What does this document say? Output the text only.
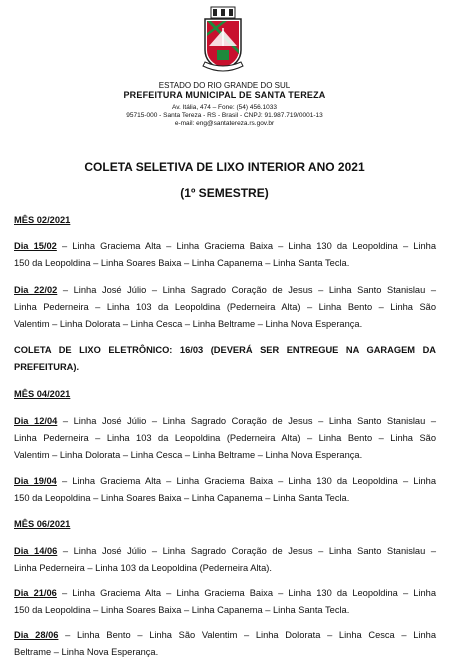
ESTADO DO RIO GRANDE DO SUL
PREFEITURA MUNICIPAL DE SANTA TEREZA
Av. Itália, 474 – Fone: (54) 456.1033
95715-000 - Santa Tereza - RS - Brasil - CNPJ: 91.987.719/0001-13
e-mail: eng@santatereza.rs.gov.br
COLETA SELETIVA DE LIXO INTERIOR ANO 2021
(1º SEMESTRE)
MÊS 02/2021
Dia 15/02 – Linha Graciema Alta – Linha Graciema Baixa – Linha 130 da Leopoldina – Linha
150 da Leopoldina – Linha Soares Baixa – Linha Capanema – Linha Santa Tecla.
Dia 22/02 – Linha José Júlio – Linha Sagrado Coração de Jesus – Linha Santo Stanislau –
Linha Pederneira – Linha 103 da Leopoldina (Pederneira Alta) – Linha Bento – Linha São
Valentim – Linha Dolorata – Linha Cesca – Linha Beltrame – Linha Nova Esperança.
COLETA DE LIXO ELETRÔNICO: 16/03 (DEVERÁ SER ENTREGUE NA GARAGEM DA
PREFEITURA).
MÊS 04/2021
Dia 12/04 – Linha José Júlio – Linha Sagrado Coração de Jesus – Linha Santo Stanislau –
Linha Pederneira – Linha 103 da Leopoldina (Pederneira Alta) – Linha Bento – Linha São
Valentim – Linha Dolorata – Linha Cesca – Linha Beltrame – Linha Nova Esperança.
Dia 19/04 – Linha Graciema Alta – Linha Graciema Baixa – Linha 130 da Leopoldina – Linha
150 da Leopoldina – Linha Soares Baixa – Linha Capanema – Linha Santa Tecla.
MÊS 06/2021
Dia 14/06 – Linha José Júlio – Linha Sagrado Coração de Jesus – Linha Santo Stanislau –
Linha Pederneira – Linha 103 da Leopoldina (Pederneira Alta).
Dia 21/06 – Linha Graciema Alta – Linha Graciema Baixa – Linha 130 da Leopoldina – Linha
150 da Leopoldina – Linha Soares Baixa – Linha Capanema – Linha Santa Tecla.
Dia 28/06 – Linha Bento – Linha São Valentim – Linha Dolorata – Linha Cesca – Linha
Beltrame – Linha Nova Esperança.
